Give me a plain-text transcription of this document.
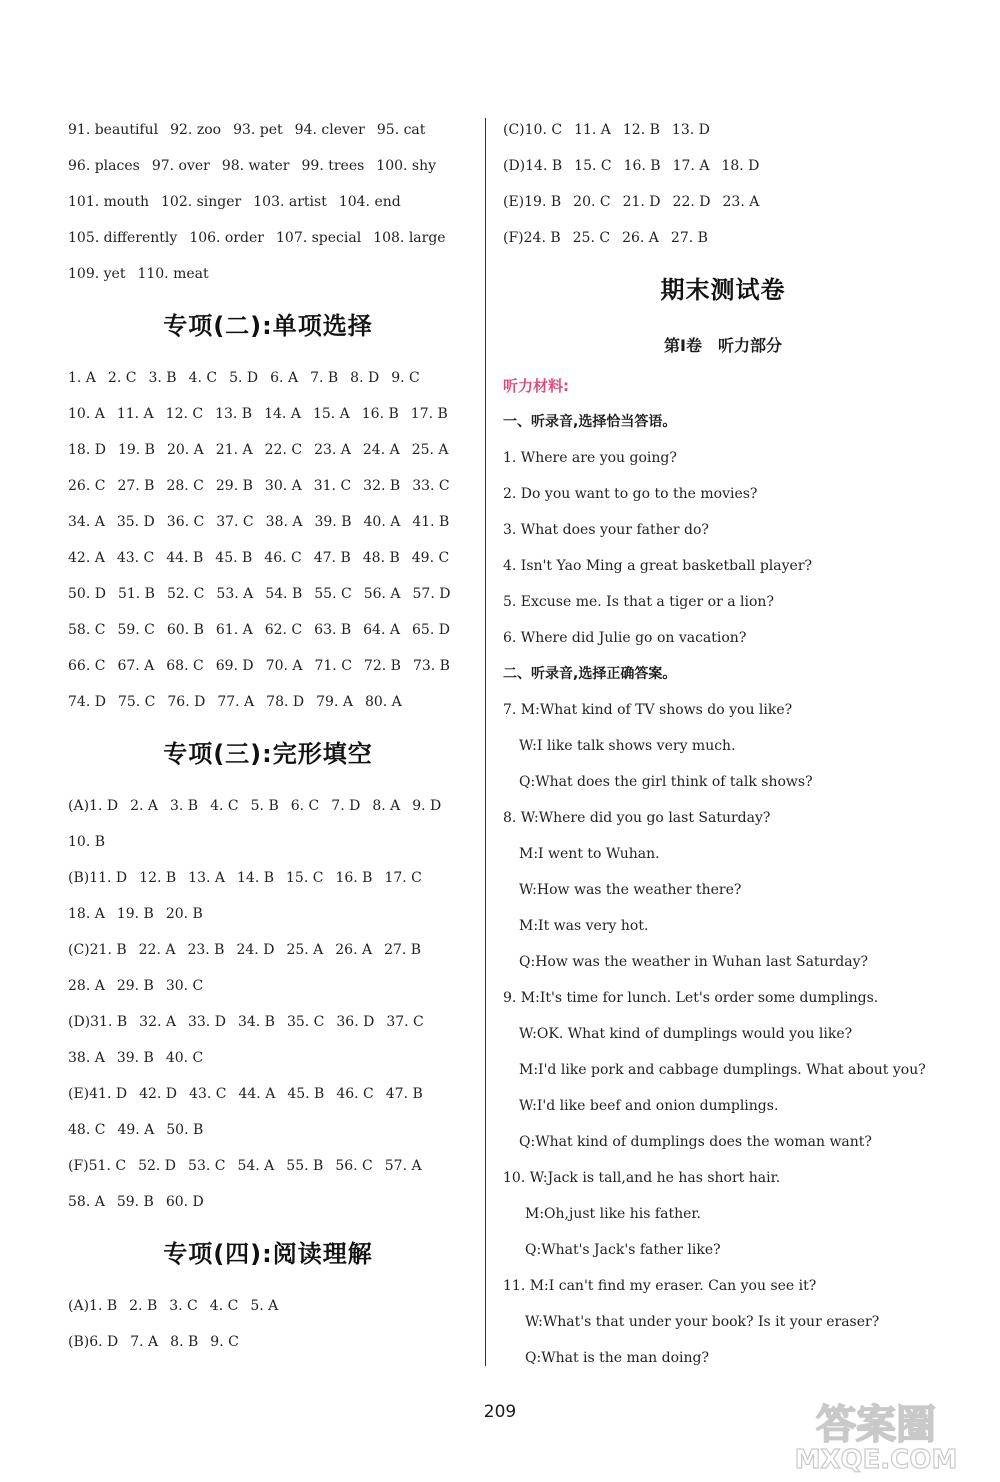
91. beautiful 92. zoo 93. pet 94. clever 95. cat
96. places 97. over 98. water 99. trees 100. shy
101. mouth 102. singer 103. artist 104. end
105. differently 106. order 107. special 108. large
109. yet 110. meat
专项(二):单项选择
1. A 2. C 3. B 4. C 5. D 6. A 7. B 8. D 9. C
10. A 11. A 12. C 13. B 14. A 15. A 16. B 17. B
18. D 19. B 20. A 21. A 22. C 23. A 24. A 25. A
26. C 27. B 28. C 29. B 30. A 31. C 32. B 33. C
34. A 35. D 36. C 37. C 38. A 39. B 40. A 41. B
42. A 43. C 44. B 45. B 46. C 47. B 48. B 49. C
50. D 51. B 52. C 53. A 54. B 55. C 56. A 57. D
58. C 59. C 60. B 61. A 62. C 63. B 64. A 65. D
66. C 67. A 68. C 69. D 70. A 71. C 72. B 73. B
74. D 75. C 76. D 77. A 78. D 79. A 80. A
专项(三):完形填空
(A)1. D 2. A 3. B 4. C 5. B 6. C 7. D 8. A 9. D
10. B
(B)11. D 12. B 13. A 14. B 15. C 16. B 17. C
18. A 19. B 20. B
(C)21. B 22. A 23. B 24. D 25. A 26. A 27. B
28. A 29. B 30. C
(D)31. B 32. A 33. D 34. B 35. C 36. D 37. C
38. A 39. B 40. C
(E)41. D 42. D 43. C 44. A 45. B 46. C 47. B
48. C 49. A 50. B
(F)51. C 52. D 53. C 54. A 55. B 56. C 57. A
58. A 59. B 60. D
专项(四):阅读理解
(A)1. B 2. B 3. C 4. C 5. A
(B)6. D 7. A 8. B 9. C
(C)10. C 11. A 12. B 13. D
(D)14. B 15. C 16. B 17. A 18. D
(E)19. B 20. C 21. D 22. D 23. A
(F)24. B 25. C 26. A 27. B
期末测试卷
第Ⅰ卷　听力部分
听力材料:
一、听录音,选择恰当答语。
1. Where are you going?
2. Do you want to go to the movies?
3. What does your father do?
4. Isn't Yao Ming a great basketball player?
5. Excuse me. Is that a tiger or a lion?
6. Where did Julie go on vacation?
二、听录音,选择正确答案。
7. M:What kind of TV shows do you like?
W:I like talk shows very much.
Q:What does the girl think of talk shows?
8. W:Where did you go last Saturday?
M:I went to Wuhan.
W:How was the weather there?
M:It was very hot.
Q:How was the weather in Wuhan last Saturday?
9. M:It's time for lunch. Let's order some dumplings.
W:OK. What kind of dumplings would you like?
M:I'd like pork and cabbage dumplings. What about you?
W:I'd like beef and onion dumplings.
Q:What kind of dumplings does the woman want?
10. W:Jack is tall,and he has short hair.
M:Oh,just like his father.
Q:What's Jack's father like?
11. M:I can't find my eraser. Can you see it?
W:What's that under your book? Is it your eraser?
Q:What is the man doing?
209	答案圈
MXQE.COM
